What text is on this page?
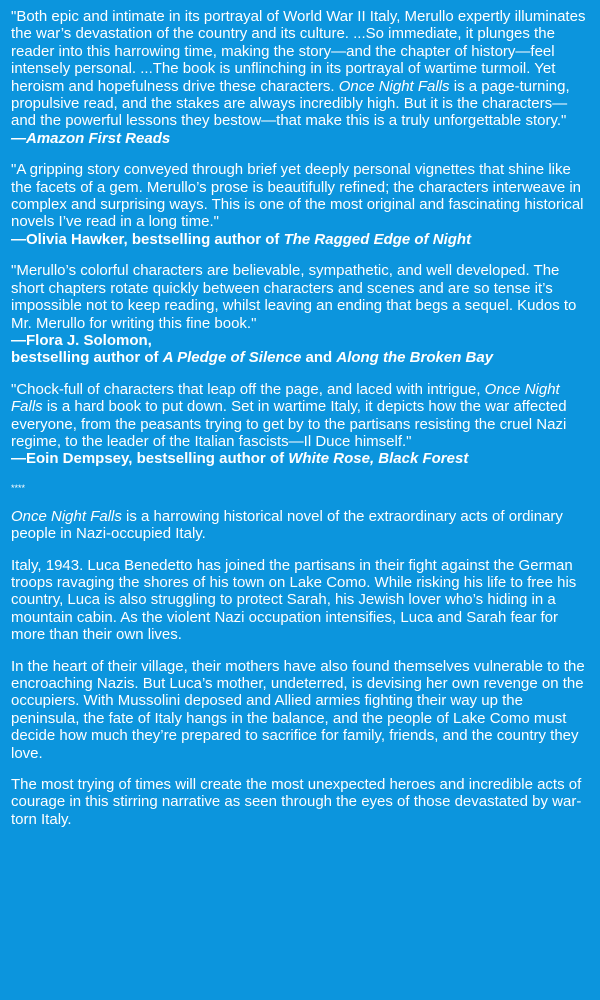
"Both epic and intimate in its portrayal of World War II Italy, Merullo expertly illuminates the war’s devastation of the country and its culture. ...So immediate, it plunges the reader into this harrowing time, making the story—and the chapter of history—feel intensely personal. ...The book is unflinching in its portrayal of wartime turmoil. Yet heroism and hopefulness drive these characters. Once Night Falls is a page-turning, propulsive read, and the stakes are always incredibly high. But it is the characters—and the powerful lessons they bestow—that make this is a truly unforgettable story."

—Amazon First Reads

"A gripping story conveyed through brief yet deeply personal vignettes that shine like the facets of a gem. Merullo’s prose is beautifully refined; the characters interweave in complex and surprising ways. This is one of the most original and fascinating historical novels I’ve read in a long time."

—Olivia Hawker, bestselling author of The Ragged Edge of Night

"Merullo’s colorful characters are believable, sympathetic, and well developed. The short chapters rotate quickly between characters and scenes and are so tense it’s impossible not to keep reading, whilst leaving an ending that begs a sequel. Kudos to Mr. Merullo for writing this fine book."

—Flora J. Solomon,
bestselling author of A Pledge of Silence and Along the Broken Bay

"Chock-full of characters that leap off the page, and laced with intrigue, Once Night Falls is a hard book to put down. Set in wartime Italy, it depicts how the war affected everyone, from the peasants trying to get by to the partisans resisting the cruel Nazi regime, to the leader of the Italian fascists—Il Duce himself."

—Eoin Dempsey, bestselling author of White Rose, Black Forest

****

Once Night Falls is a harrowing historical novel of the extraordinary acts of ordinary people in Nazi-occupied Italy.

Italy, 1943. Luca Benedetto has joined the partisans in their fight against the German troops ravaging the shores of his town on Lake Como. While risking his life to free his country, Luca is also struggling to protect Sarah, his Jewish lover who’s hiding in a mountain cabin. As the violent Nazi occupation intensifies, Luca and Sarah fear for more than their own lives.

In the heart of their village, their mothers have also found themselves vulnerable to the encroaching Nazis. But Luca’s mother, undeterred, is devising her own revenge on the occupiers. With Mussolini deposed and Allied armies fighting their way up the peninsula, the fate of Italy hangs in the balance, and the people of Lake Como must decide how much they’re prepared to sacrifice for family, friends, and the country they love.

The most trying of times will create the most unexpected heroes and incredible acts of courage in this stirring narrative as seen through the eyes of those devastated by war-torn Italy.
